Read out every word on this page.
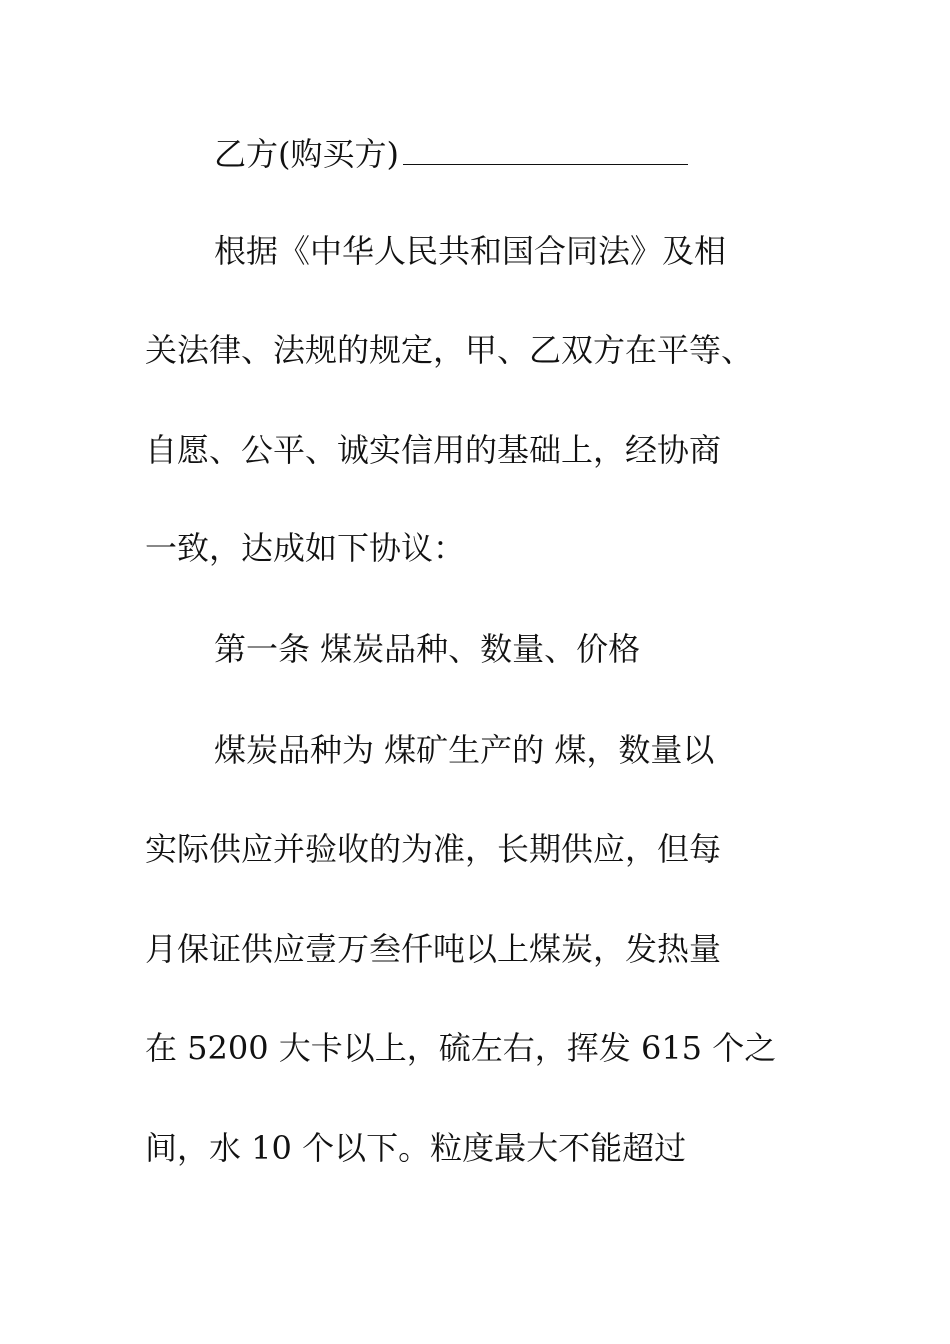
乙方(购买方)
根据《中华人民共和国合同法》及相
关法律、法规的规定，甲、乙双方在平等、
自愿、公平、诚实信用的基础上，经协商
一致，达成如下协议：
第一条 煤炭品种、数量、价格
煤炭品种为 煤矿生产的 煤，数量以
实际供应并验收的为准，长期供应，但每
月保证供应壹万叁仟吨以上煤炭，发热量
在 5200 大卡以上，硫左右，挥发 615 个之
间，水 10 个以下。粒度最大不能超过
